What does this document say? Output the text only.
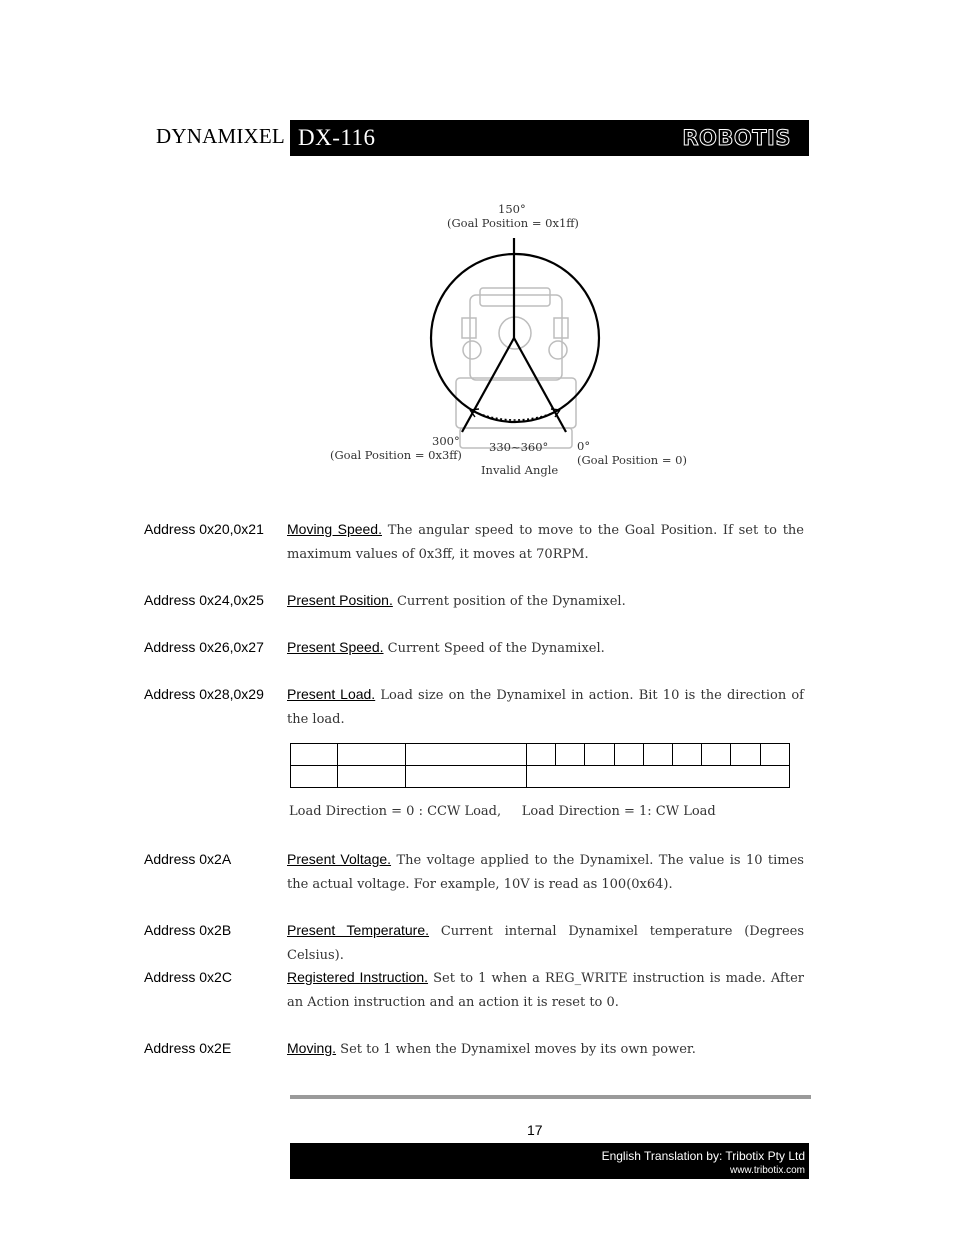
DYNAMIXEL DX-116	ROBOTIS
150°
(Goal Position = 0x1ff)
300°
(Goal Position = 0x3ff)
330~360°
Invalid Angle
0°
(Goal Position = 0)
Address 0x20,0x21 Moving Speed. The angular speed to move to the Goal Position. If set to the maximum values of 0x3ff, it moves at 70RPM.
Address 0x24,0x25 Present Position. Current position of the Dynamixel.
Address 0x26,0x27 Present Speed. Current Speed of the Dynamixel.
Address 0x28,0x29 Present Load. Load size on the Dynamixel in action. Bit 10 is the direction of the load.

Load Direction = 0 : CCW Load,     Load Direction = 1: CW Load
Address 0x2A	Present Voltage. The voltage applied to the Dynamixel. The value is 10 times the actual voltage. For example, 10V is read as 100(0x64).
Address 0x2B	Present Temperature. Current internal Dynamixel temperature (Degrees Celsius).
Address 0x2C	Registered Instruction. Set to 1 when a REG_WRITE instruction is made. After an Action instruction and an action it is reset to 0.
Address 0x2E	Moving. Set to 1 when the Dynamixel moves by its own power.
17
English Translation by: Tribotix Pty Ltd
www.tribotix.com
